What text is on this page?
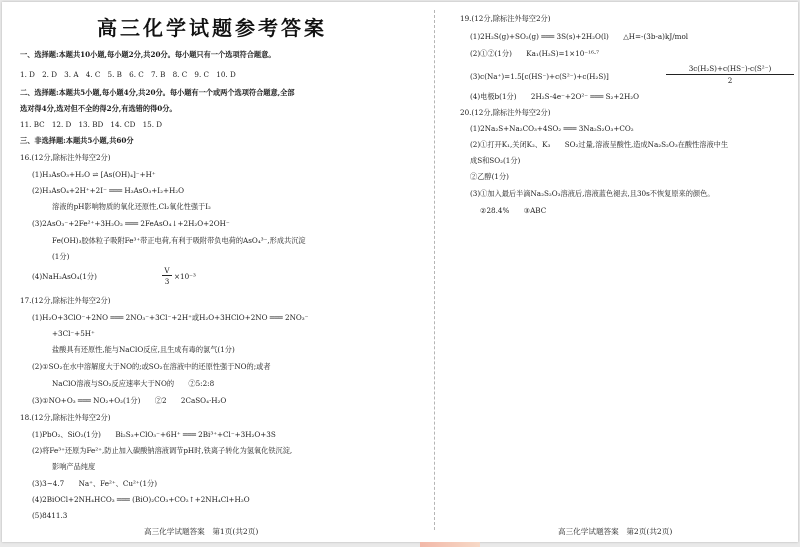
高三化学试题参考答案
一、选择题:本题共10小题,每小题2分,共20分。每小题只有一个选项符合题意。
1. D　2. D　3. A　4. C　5. B　6. C　7. B　8. C　9. C　10. D
二、选择题:本题共5小题,每小题4分,共20分。每小题有一个或两个选项符合题意,全部
选对得4分,选对但不全的得2分,有选错的得0分。
11. BC　12. D　13. BD　14. CD　15. D
三、非选择题:本题共5小题,共60分
16.(12分,除标注外每空2分)
(1)H₃AsO₃+H₂O ⇌ [As(OH)₄]⁻+H⁺
(2)H₃AsO₄+2H⁺+2I⁻ ═══ H₃AsO₃+I₂+H₂O
溶液的pH影响物质的氧化还原性,Cl₂氧化性强于I₂
(3)2AsO₃⁻+2Fe²⁺+3H₂O₂ ═══ 2FeAsO₄↓+2H₂O+2OH⁻
Fe(OH)₃胶体粒子吸附Fe³⁺带正电荷,有利于吸附带负电荷的AsO₄³⁻,形成共沉淀
(1分)
(4)NaH₂AsO₄(1分)
V
3
×10⁻³
17.(12分,除标注外每空2分)
(1)H₂O+3ClO⁻+2NO ═══ 2NO₃⁻+3Cl⁻+2H⁺或H₂O+3HClO+2NO ═══ 2NO₃⁻
+3Cl⁻+5H⁺
盐酸具有还原性,能与NaClO反应,且生成有毒的氯气(1分)
(2)①SO₂在水中溶解度大于NO的;或SO₂在溶液中的还原性强于NO的;或者
NaClO溶液与SO₂反应速率大于NO的　　②5:2:8
(3)①NO+O₃ ═══ NO₂+O₂(1分)　　②2　　2CaSO₄·H₂O
18.(12分,除标注外每空2分)
(1)PbO₂、SiO₂(1分)　　Bi₂S₃+ClO₃⁻+6H⁺ ═══ 2Bi³⁺+Cl⁻+3H₂O+3S
(2)将Fe³⁺还原为Fe²⁺,防止加入碳酸钠溶液调节pH时,铁离子转化为氢氧化铁沉淀,
影响产品纯度
(3)3~4.7　　Na⁺、Fe²⁺、Cu²⁺(1分)
(4)2BiOCl+2NH₄HCO₃ ═══ (BiO)₂CO₃+CO₂↑+2NH₄Cl+H₂O
(5)8411.3
高三化学试题答案　第1页(共2页)
19.(12分,除标注外每空2分)
(1)2H₂S(g)+SO₂(g) ═══ 3S(s)+2H₂O(l)　　△H=-(3b-a)kJ/mol
(2)①②(1分)　　Ka₁(H₂S)=1×10⁻¹⁶·⁷
(3)c(Na⁺)=1.5[c(HS⁻)+c(S²⁻)+c(H₂S)]
3c(H₂S)+c(HS⁻)-c(S²⁻)
2
(4)电极b(1分)　　2H₂S-4e⁻+2O²⁻ ═══ S₂+2H₂O
20.(12分,除标注外每空2分)
(1)2Na₂S+Na₂CO₃+4SO₂ ═══ 3Na₂S₂O₃+CO₂
(2)①打开K₁,关闭K₂、K₃　　SO₂过量,溶液呈酸性,造成Na₂S₂O₃在酸性溶液中生
成S和SO₂(1分)
②乙醇(1分)
(3)①加入最后半滴Na₂S₂O₃溶液后,溶液蓝色褪去,且30s不恢复原来的颜色。
②28.4%　　③ABC
高三化学试题答案　第2页(共2页)
